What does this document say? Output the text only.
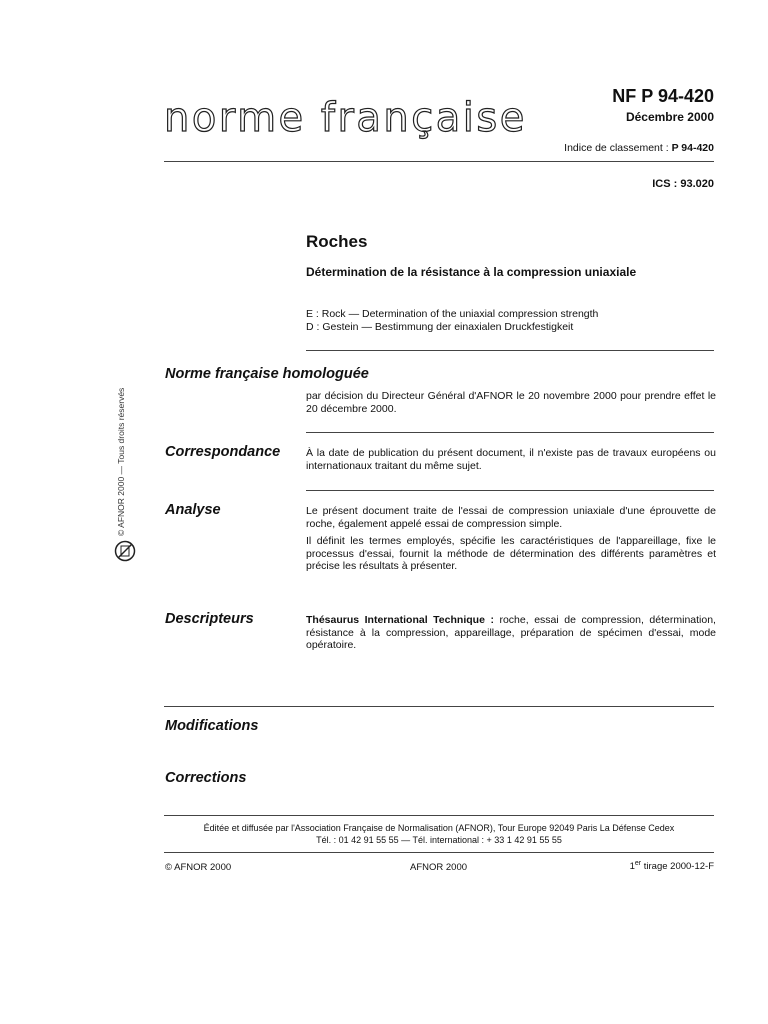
norme française	NF P 94-420
Décembre 2000
Indice de classement : P 94-420
ICS : 93.020
Roches
Détermination de la résistance à la compression uniaxiale
E : Rock — Determination of the uniaxial compression strength
D : Gestein — Bestimmung der einaxialen Druckfestigkeit
© AFNOR 2000 — Tous droits réservés
Norme française homologuée
par décision du Directeur Général d'AFNOR le 20 novembre 2000 pour prendre effet le 20 décembre 2000.
Correspondance À la date de publication du présent document, il n'existe pas de travaux européens ou internationaux traitant du même sujet.
Analyse	Le présent document traite de l'essai de compression uniaxiale d'une éprouvette de roche, également appelé essai de compression simple.

Il définit les termes employés, spécifie les caractéristiques de l'appareillage, fixe le processus d'essai, fournit la méthode de détermination des différents paramètres et précise les résultats à présenter.

Descripteurs	Thésaurus International Technique : roche, essai de compression, détermination, résistance à la compression, appareillage, préparation de spécimen d'essai, mode opératoire.
Modifications
Corrections
Éditée et diffusée par l'Association Française de Normalisation (AFNOR), Tour Europe 92049 Paris La Défense Cedex
Tél. : 01 42 91 55 55 — Tél. international : + 33 1 42 91 55 55
© AFNOR 2000	AFNOR 2000	1er tirage 2000-12-F
